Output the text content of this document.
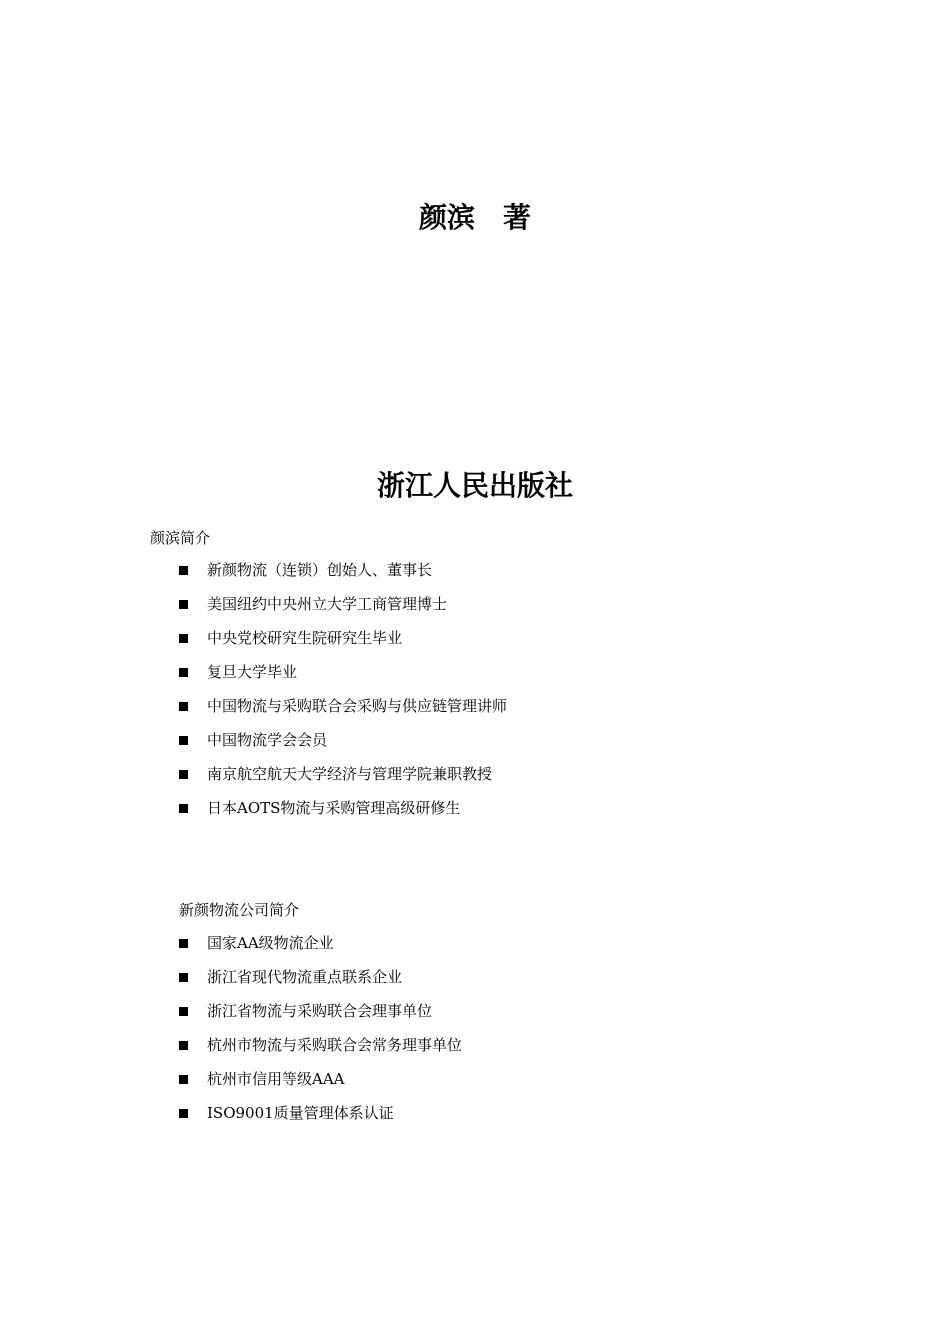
颜滨　著
浙江人民出版社
颜滨简介
新颜物流（连锁）创始人、董事长
美国纽约中央州立大学工商管理博士
中央党校研究生院研究生毕业
复旦大学毕业
中国物流与采购联合会采购与供应链管理讲师
中国物流学会会员
南京航空航天大学经济与管理学院兼职教授
日本AOTS物流与采购管理高级研修生
新颜物流公司简介
国家AA级物流企业
浙江省现代物流重点联系企业
浙江省物流与采购联合会理事单位
杭州市物流与采购联合会常务理事单位
杭州市信用等级AAA
ISO9001质量管理体系认证
